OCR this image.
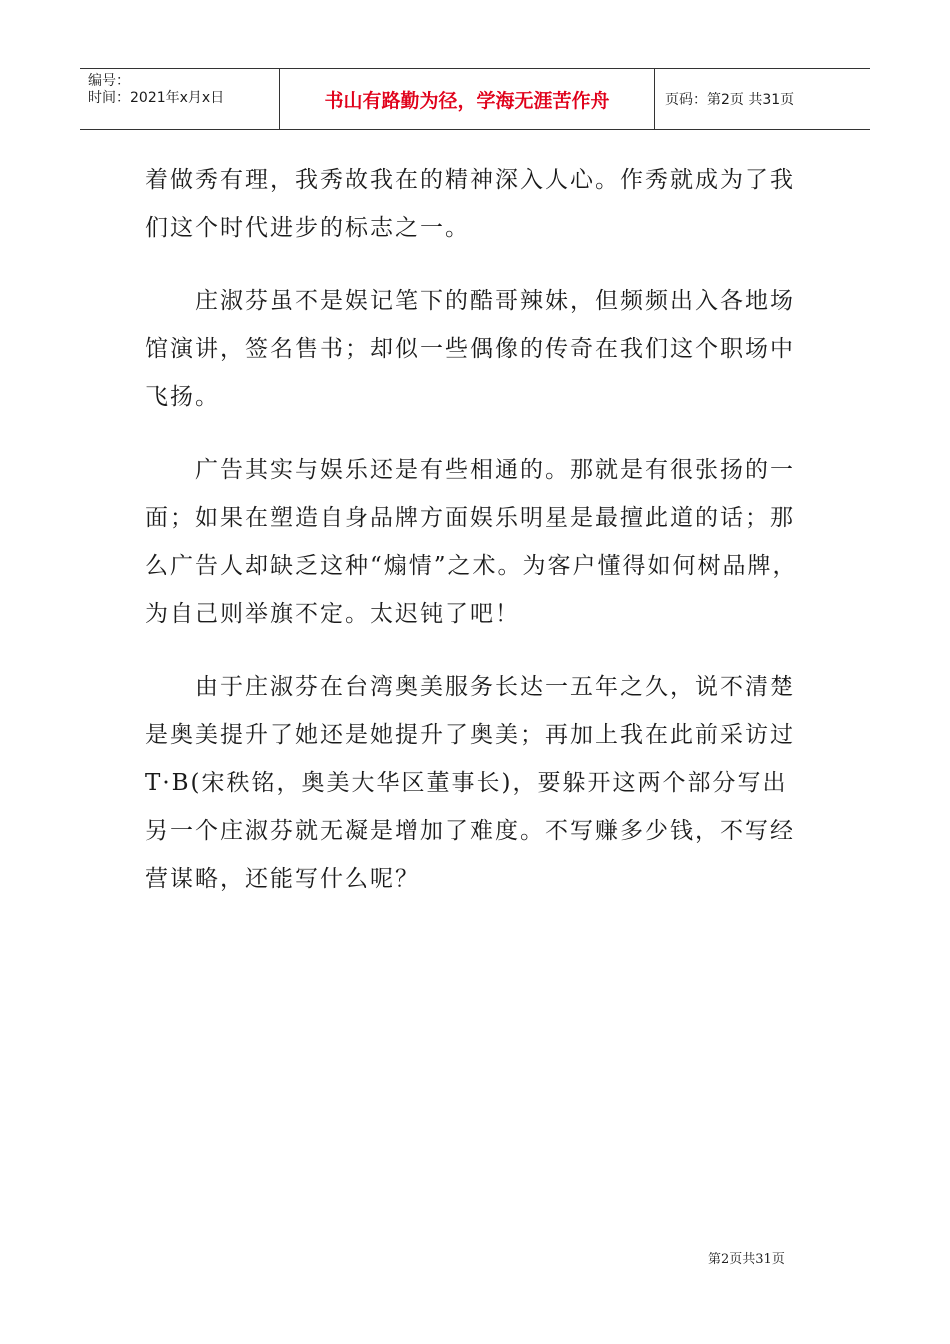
编号：
时间：2021年x月x日	书山有路勤为径，学海无涯苦作舟	页码：第2页 共31页
着做秀有理，我秀故我在的精神深入人心。作秀就成为了我
们这个时代进步的标志之一。
　　庄淑芬虽不是娱记笔下的酷哥辣妹，但频频出入各地场
馆演讲，签名售书；却似一些偶像的传奇在我们这个职场中
飞扬。
　　广告其实与娱乐还是有些相通的。那就是有很张扬的一
面；如果在塑造自身品牌方面娱乐明星是最擅此道的话；那
么广告人却缺乏这种“煽情”之术。为客户懂得如何树品牌，
为自己则举旗不定。太迟钝了吧！
　　由于庄淑芬在台湾奥美服务长达一五年之久，说不清楚
是奥美提升了她还是她提升了奥美；再加上我在此前采访过
T·B(宋秩铭，奥美大华区董事长)，要躲开这两个部分写出
另一个庄淑芬就无凝是增加了难度。不写赚多少钱，不写经
营谋略，还能写什么呢？
第2页共31页
